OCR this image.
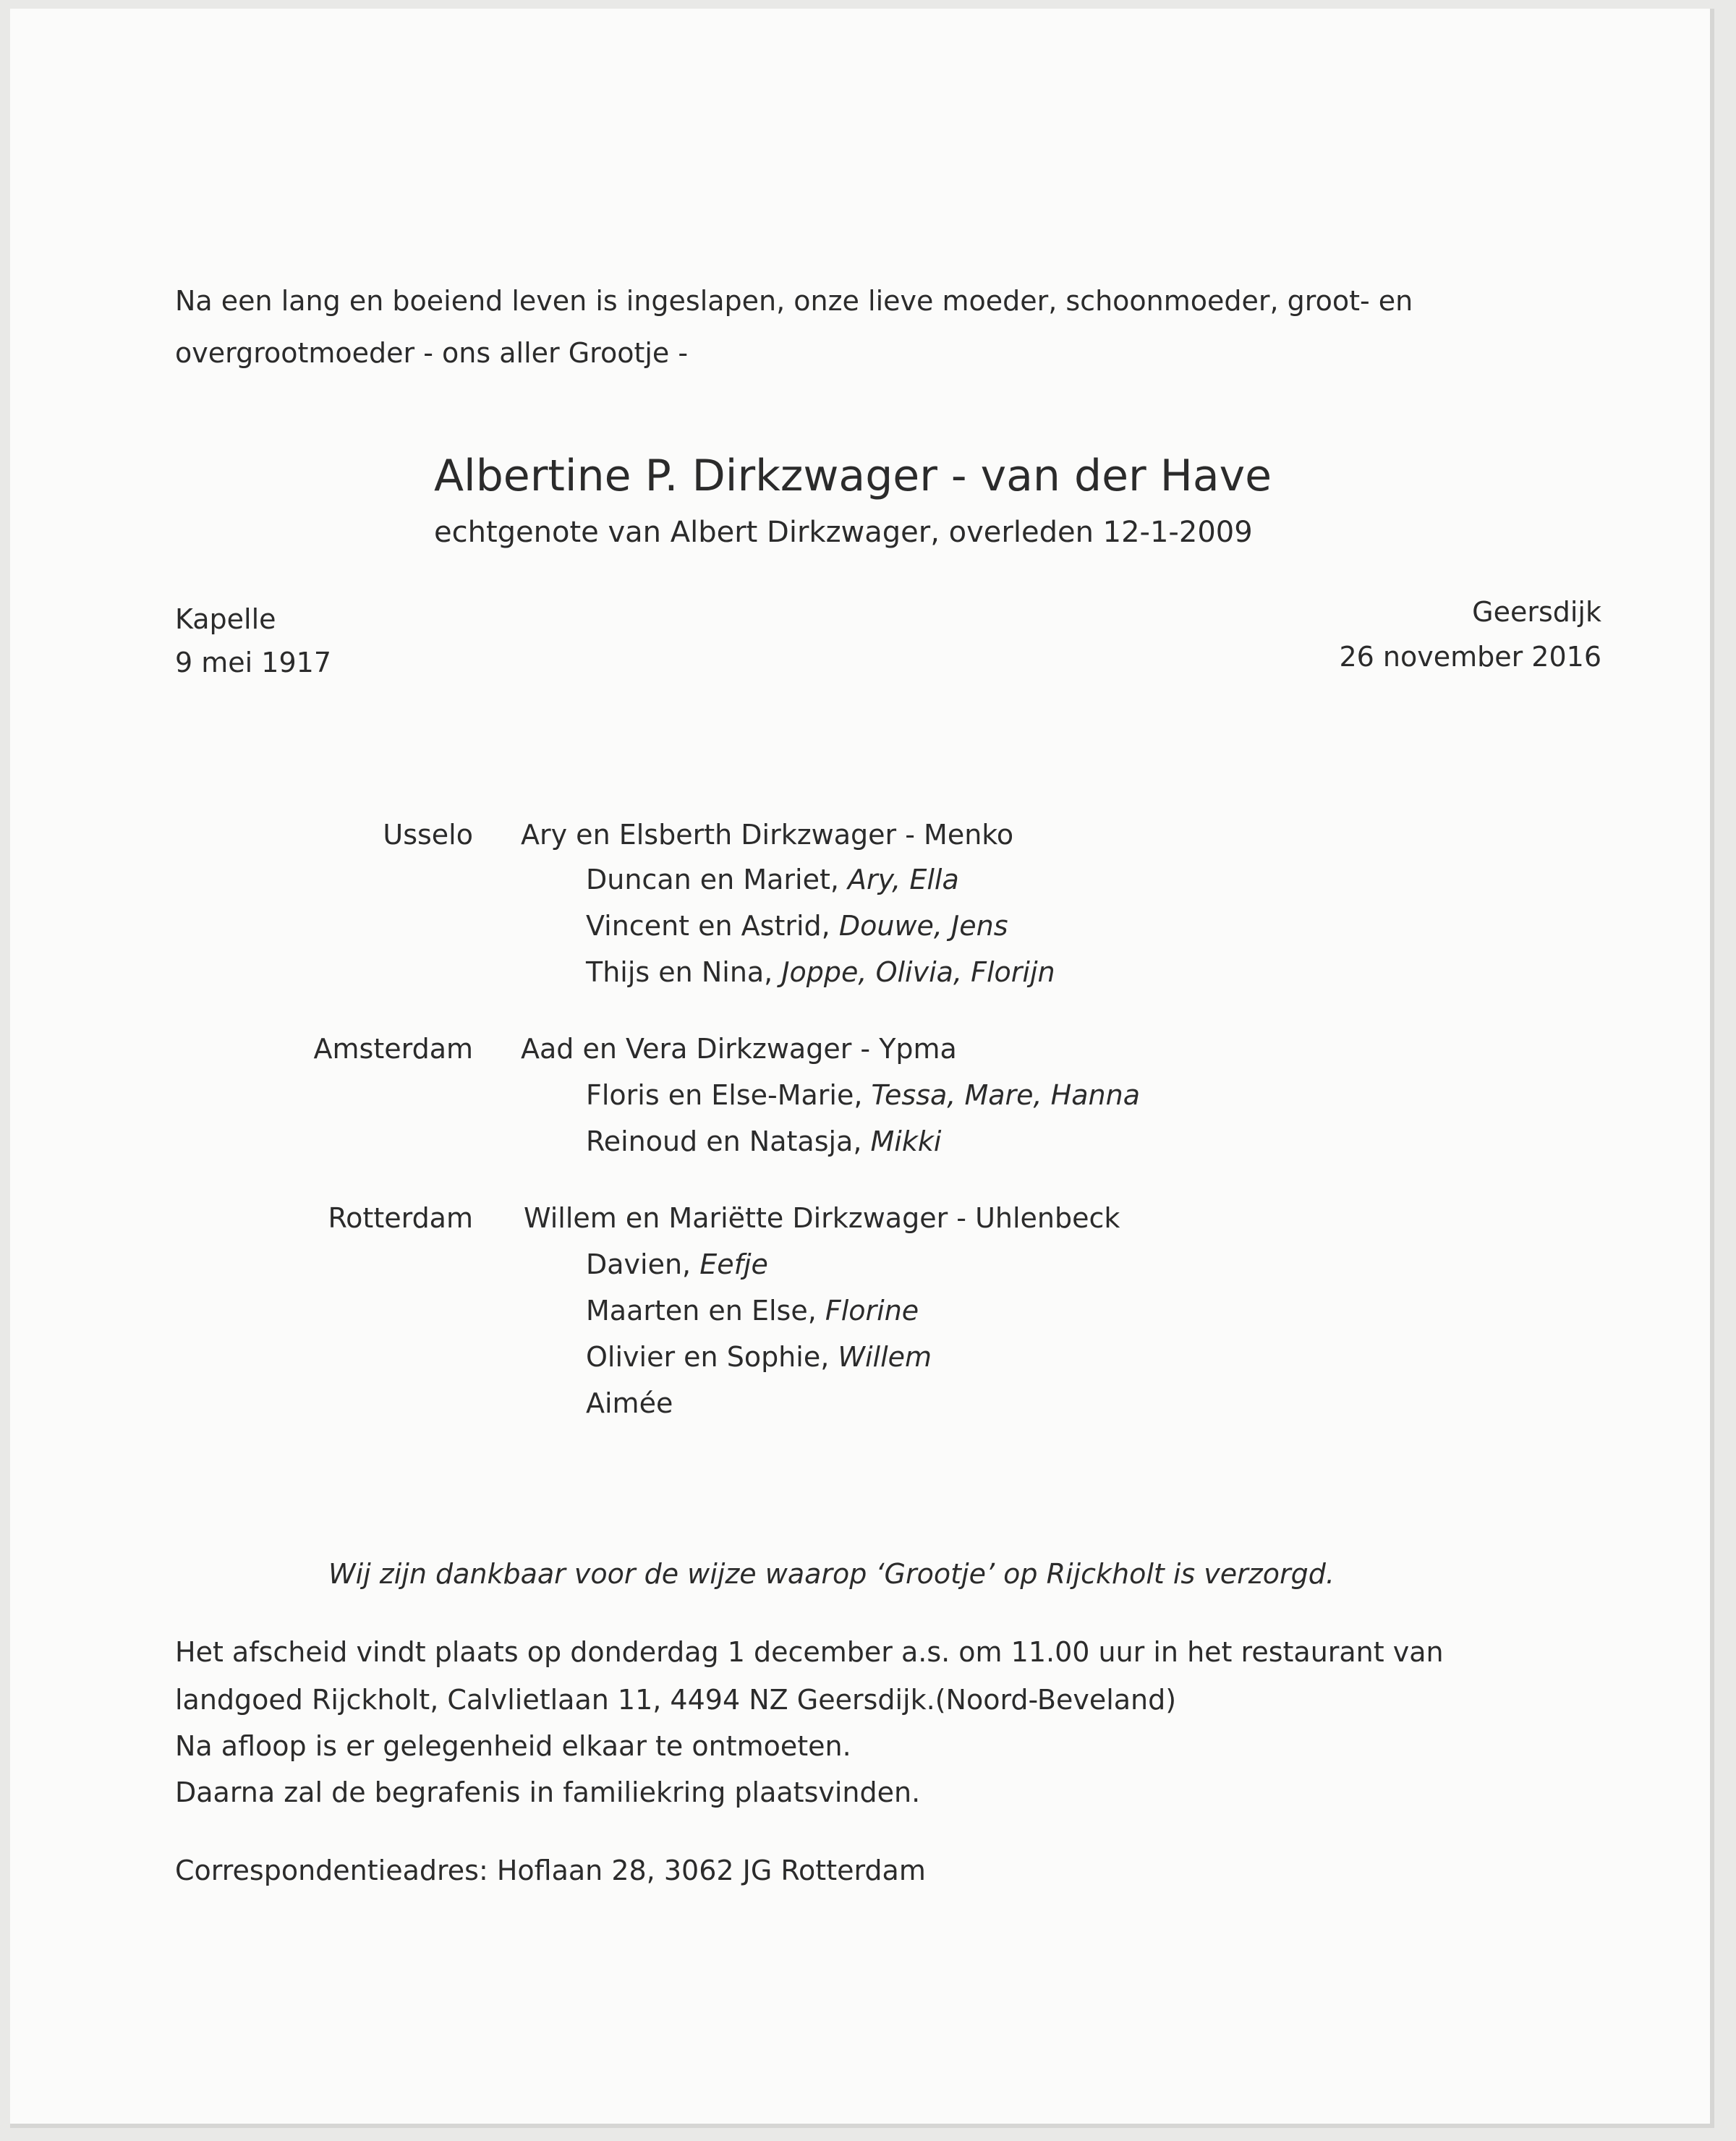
Na een lang en boeiend leven is ingeslapen, onze lieve moeder, schoonmoeder, groot- en overgrootmoeder - ons aller Grootje -
Albertine P. Dirkzwager - van der Have
echtgenote van Albert Dirkzwager, overleden 12-1-2009
Kapelle
9 mei 1917
Geersdijk
26 november 2016
Usselo Ary en Elsberth Dirkzwager - Menko
Duncan en Mariet, Ary, Ella
Vincent en Astrid, Douwe, Jens
Thijs en Nina, Joppe, Olivia, Florijn
Amsterdam Aad en Vera Dirkzwager - Ypma
Floris en Else-Marie, Tessa, Mare, Hanna
Reinoud en Natasja, Mikki
Rotterdam Willem en Mariëtte Dirkzwager - Uhlenbeck
Davien, Eefje
Maarten en Else, Florine
Olivier en Sophie, Willem
Aimée
Wij zijn dankbaar voor de wijze waarop ‘Grootje’ op Rijckholt is verzorgd.
Het afscheid vindt plaats op donderdag 1 december a.s. om 11.00 uur in het restaurant van
landgoed Rijckholt, Calvlietlaan 11, 4494 NZ Geersdijk.(Noord-Beveland)
Na afloop is er gelegenheid elkaar te ontmoeten.
Daarna zal de begrafenis in familiekring plaatsvinden.
Correspondentieadres: Hoflaan 28, 3062 JG Rotterdam
